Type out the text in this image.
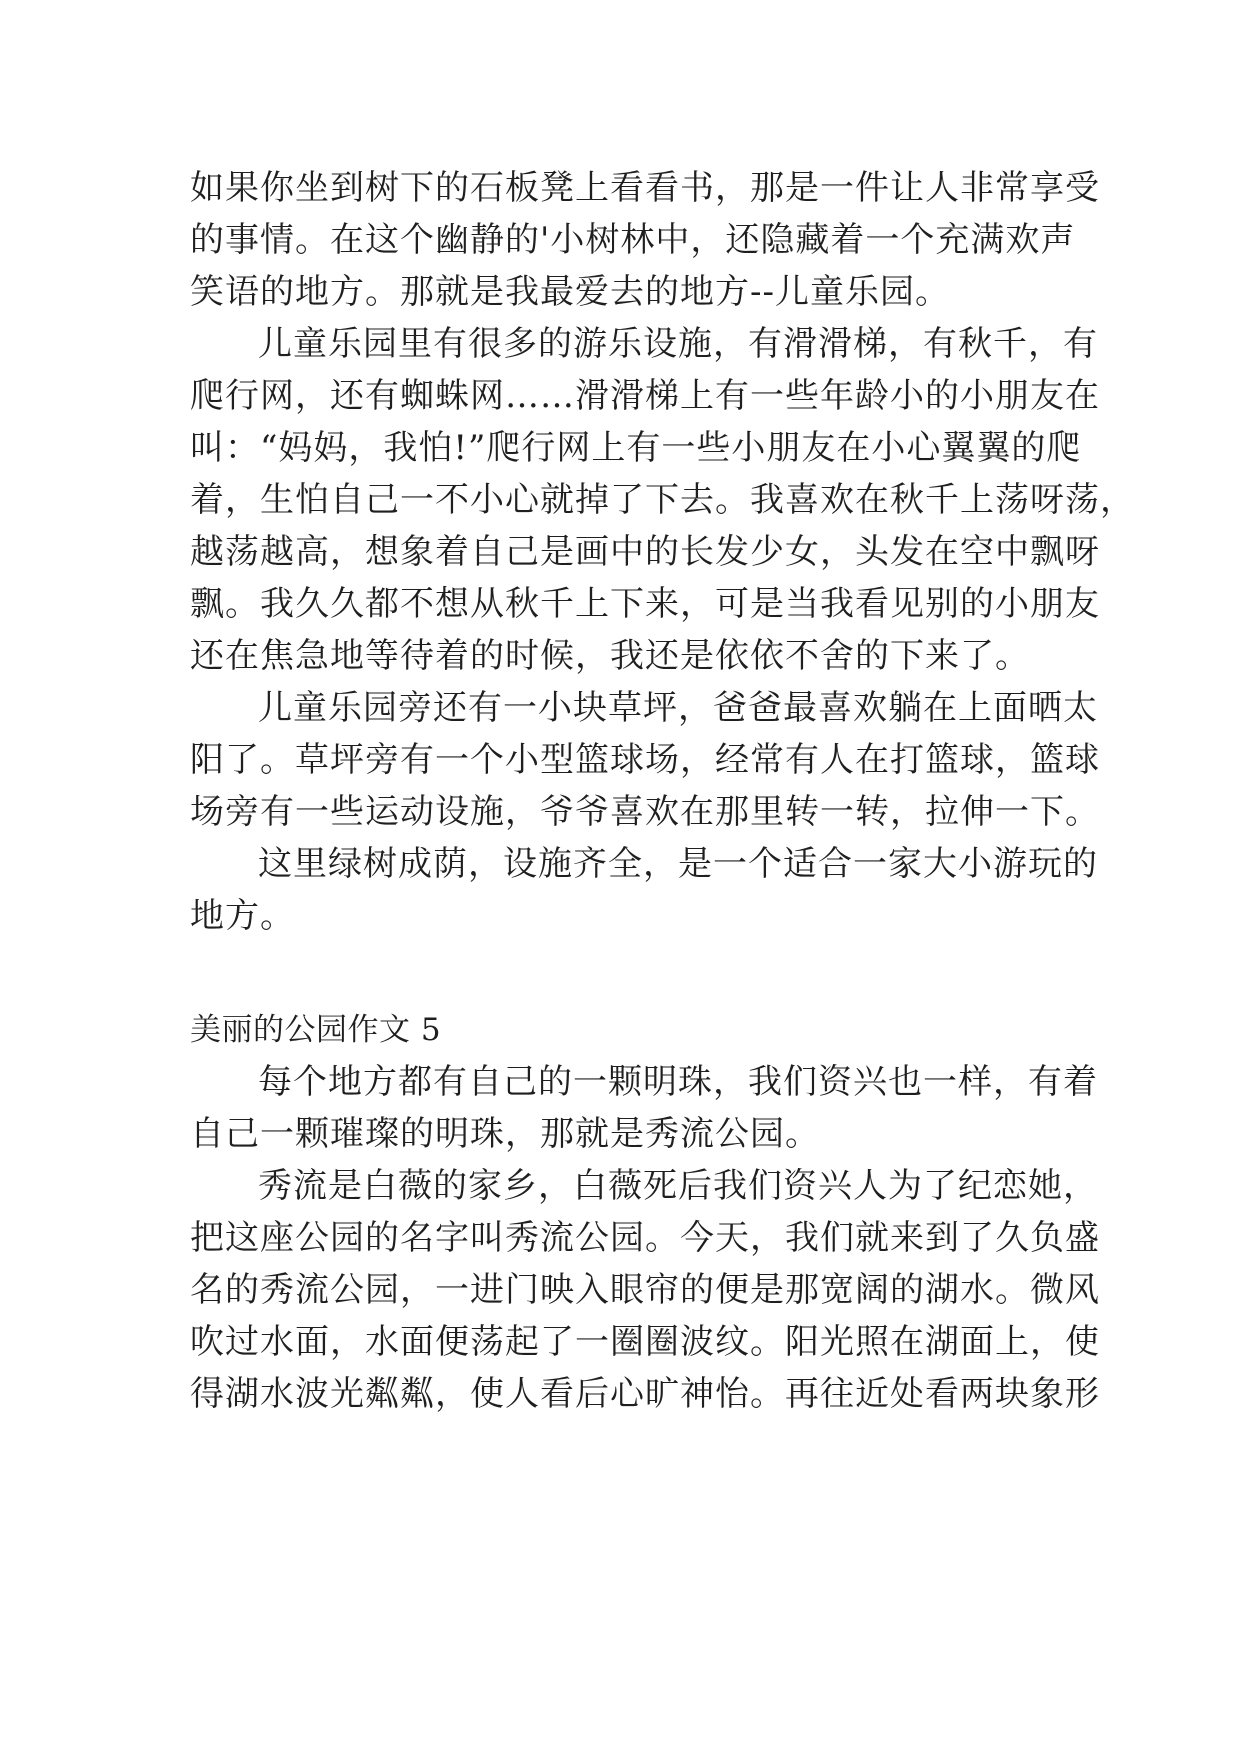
如果你坐到树下的石板凳上看看书，那是一件让人非常享受
的事情。在这个幽静的'小树林中，还隐藏着一个充满欢声
笑语的地方。那就是我最爱去的地方--儿童乐园。
儿童乐园里有很多的游乐设施，有滑滑梯，有秋千，有
爬行网，还有蜘蛛网……滑滑梯上有一些年龄小的小朋友在
叫：“妈妈，我怕!”爬行网上有一些小朋友在小心翼翼的爬
着，生怕自己一不小心就掉了下去。我喜欢在秋千上荡呀荡，
越荡越高，想象着自己是画中的长发少女，头发在空中飘呀
飘。我久久都不想从秋千上下来，可是当我看见别的小朋友
还在焦急地等待着的时候，我还是依依不舍的下来了。
儿童乐园旁还有一小块草坪，爸爸最喜欢躺在上面晒太
阳了。草坪旁有一个小型篮球场，经常有人在打篮球，篮球
场旁有一些运动设施，爷爷喜欢在那里转一转，拉伸一下。
这里绿树成荫，设施齐全，是一个适合一家大小游玩的
地方。
美丽的公园作文 5
每个地方都有自己的一颗明珠，我们资兴也一样，有着
自己一颗璀璨的明珠，那就是秀流公园。
秀流是白薇的家乡，白薇死后我们资兴人为了纪恋她，
把这座公园的名字叫秀流公园。今天，我们就来到了久负盛
名的秀流公园，一进门映入眼帘的便是那宽阔的湖水。微风
吹过水面，水面便荡起了一圈圈波纹。阳光照在湖面上，使
得湖水波光粼粼，使人看后心旷神怡。再往近处看两块象形
